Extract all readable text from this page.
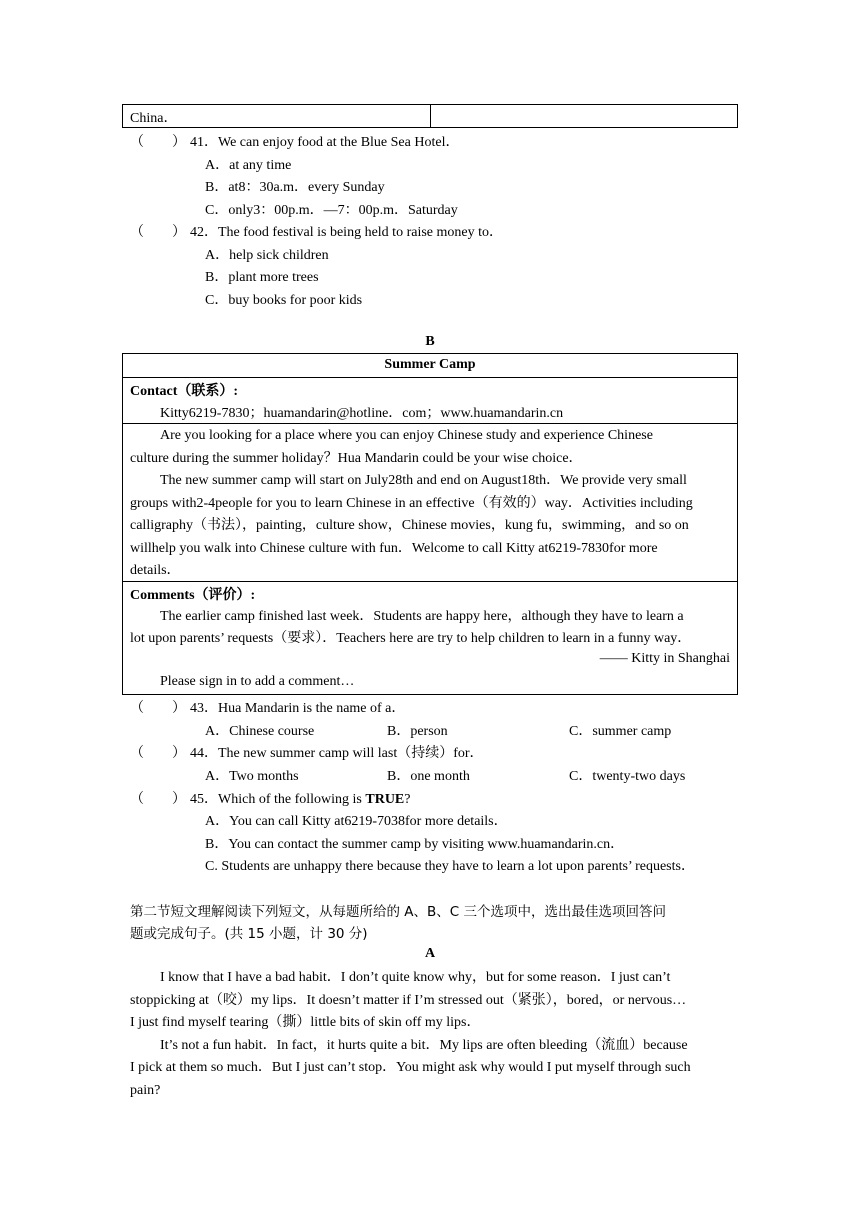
China．
（　　） 41．We can enjoy food at the Blue Sea Hotel．
A．at any time
B．at8：30a.m．every Sunday
C．only3：00p.m．—7：00p.m．Saturday
（　　） 42．The food festival is being held to raise money to．
A．help sick children
B．plant more trees
C．buy books for poor kids
B
Summer Camp
Contact（联系）:
Kitty6219-7830；huamandarin@hotline．com；www.huamandarin.cn
Are you looking for a place where you can enjoy Chinese study and experience Chinese
culture during the summer holiday？Hua Mandarin could be your wise choice．
The new summer camp will start on July28th and end on August18th．We provide very small
groups with2-4people for you to learn Chinese in an effective（有效的）way．Activities including
calligraphy（书法），painting，culture show，Chinese movies，kung fu，swimming，and so on
willhelp you walk into Chinese culture with fun．Welcome to call Kitty at6219-7830for more
details．
Comments（评价）:
The earlier camp finished last week．Students are happy here，although they have to learn a
lot upon parents’ requests（要求）．Teachers here are try to help children to learn in a funny way．
—— Kitty in Shanghai
Please sign in to add a comment…
（　　） 43．Hua Mandarin is the name of a．
A．Chinese course	B．person	C．summer camp
（　　） 44．The new summer camp will last（持续）for．
A．Two months	B．one month	C．twenty-two days
（　　） 45．Which of the following is TRUE?
A．You can call Kitty at6219-7038for more details．
B．You can contact the summer camp by visiting www.huamandarin.cn．
C. Students are unhappy there because they have to learn a lot upon parents’ requests．
第二节短文理解阅读下列短文，从每题所给的 A、B、C 三个选项中，选出最佳选项回答问
题或完成句子。(共 15 小题，计 30 分)
A
I know that I have a bad habit．I don’t quite know why，but for some reason．I just can’t
stoppicking at（咬）my lips．It doesn’t matter if I’m stressed out（紧张），bored，or nervous…
I just find myself tearing（撕）little bits of skin off my lips．
It’s not a fun habit．In fact，it hurts quite a bit．My lips are often bleeding（流血）because
I pick at them so much．But I just can’t stop．You might ask why would I put myself through such
pain?
